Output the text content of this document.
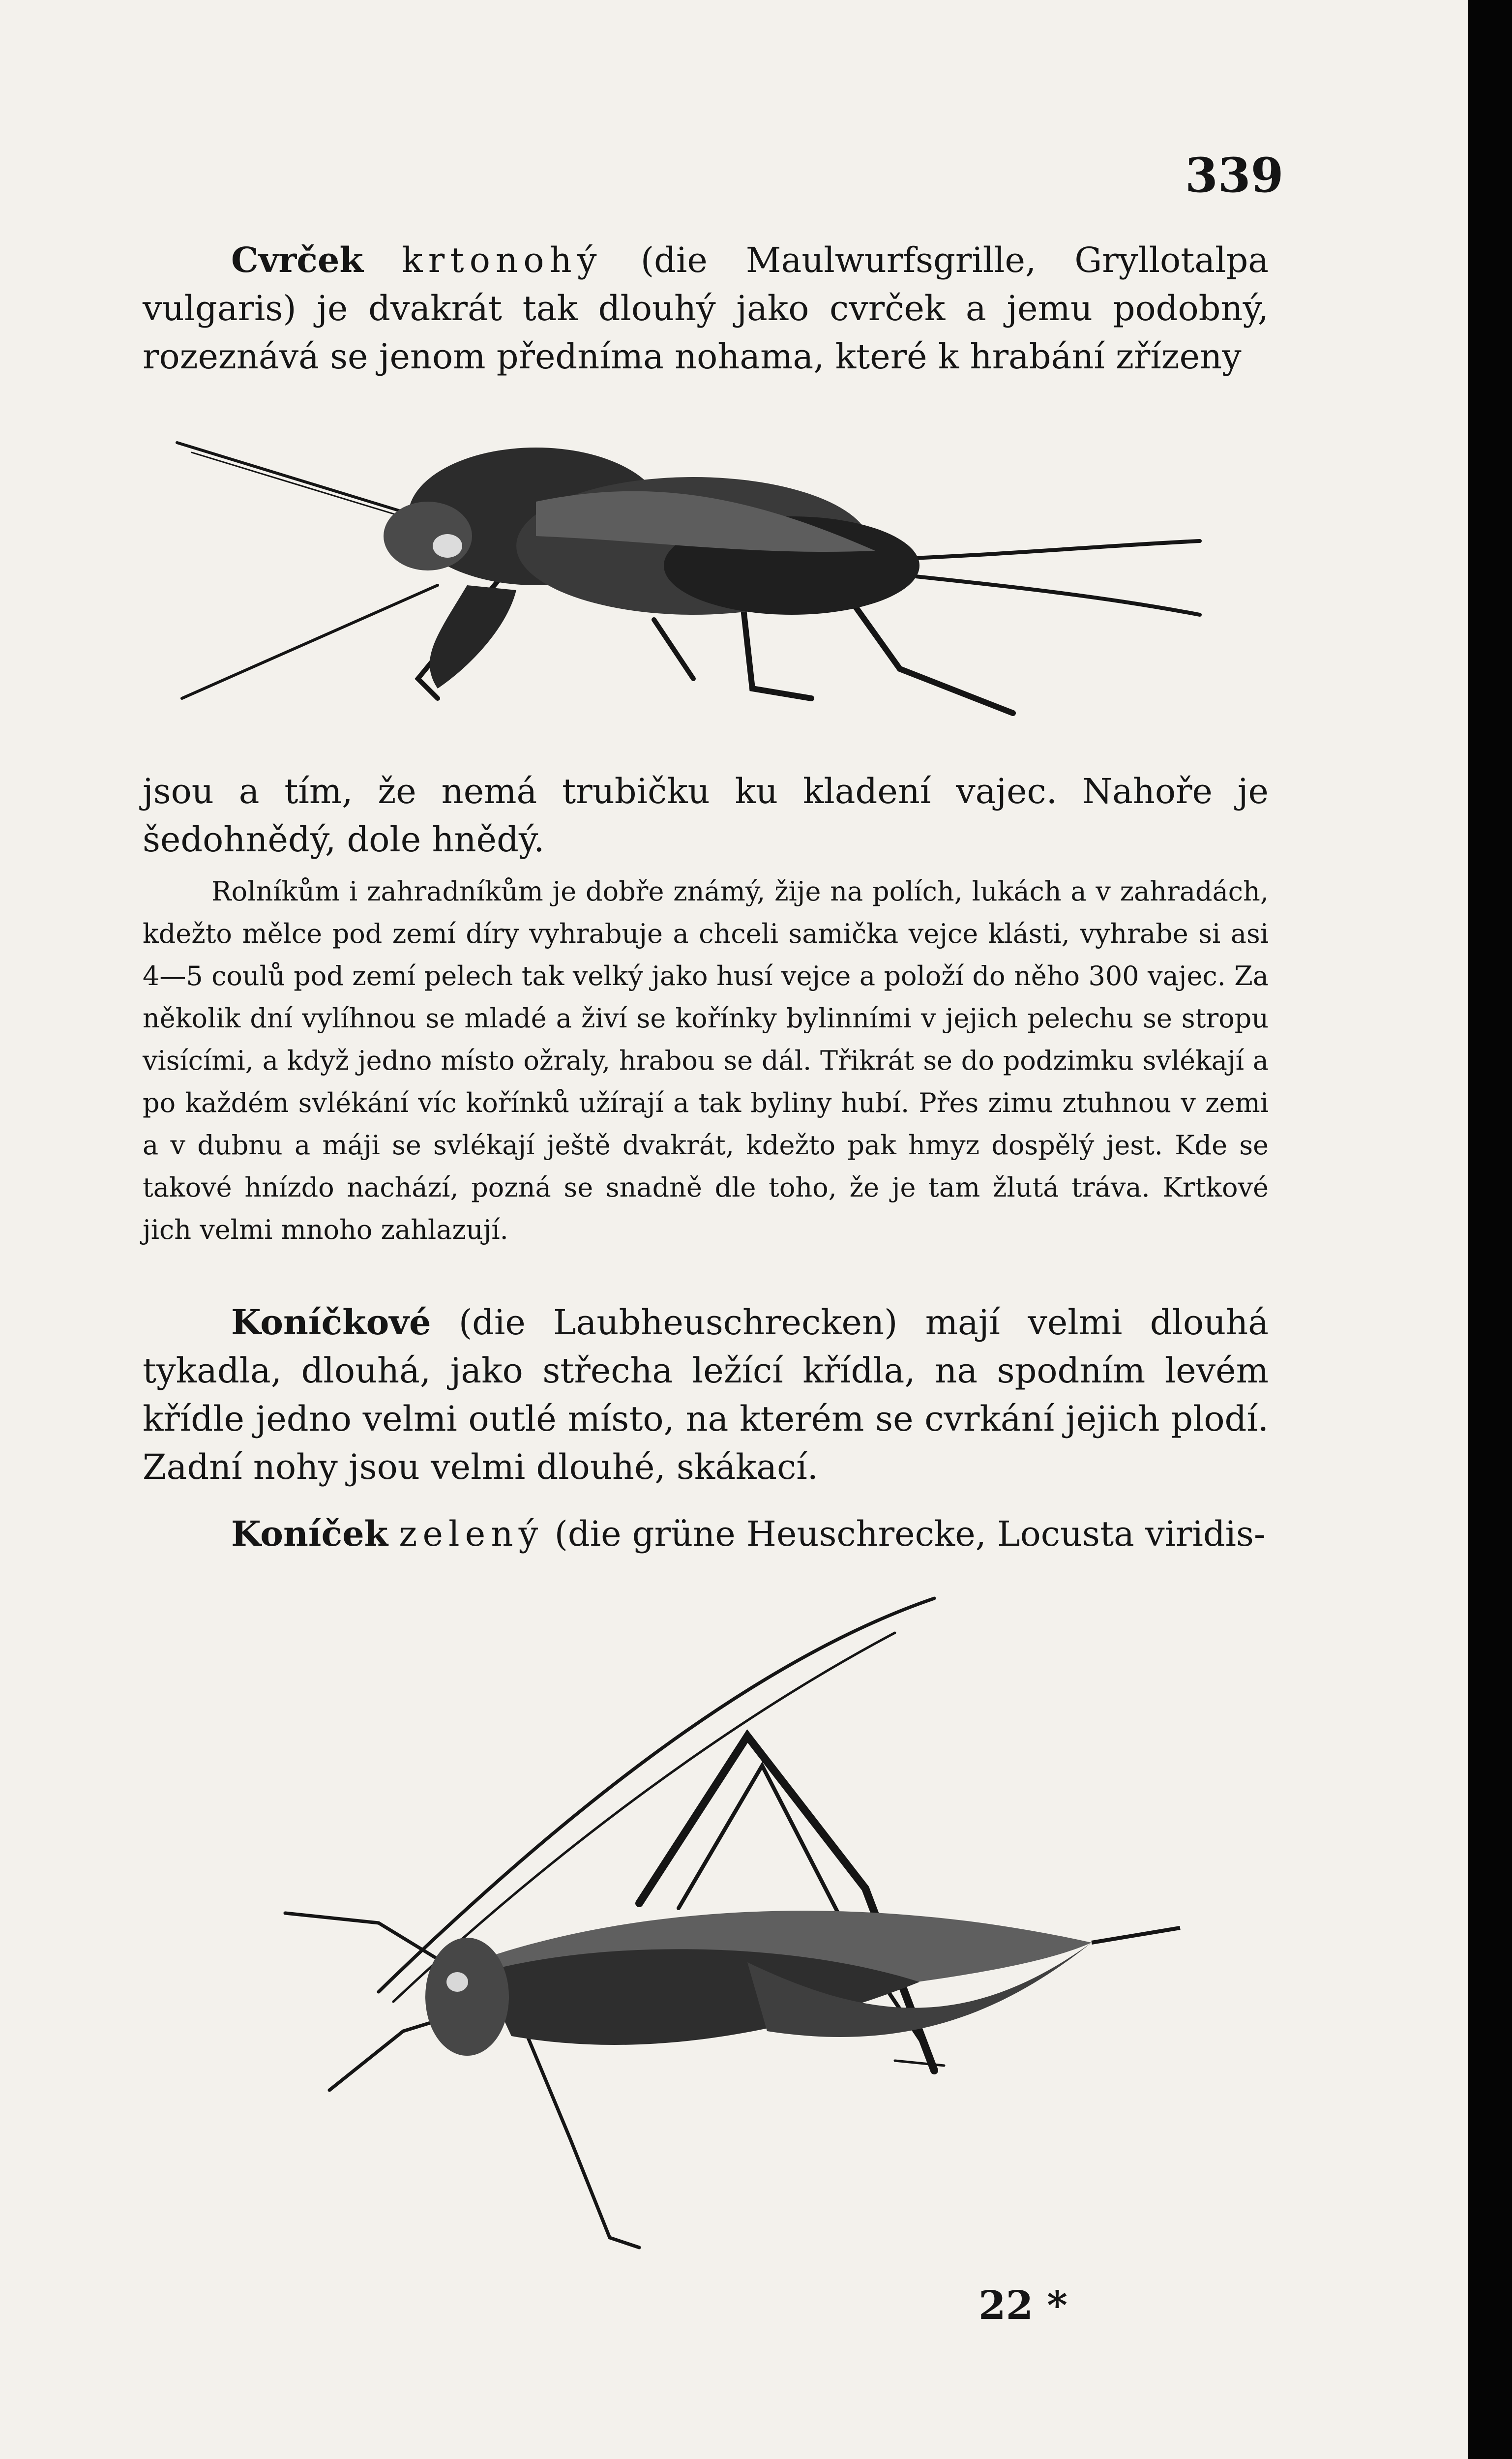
339
Cvrček krtonohý (die Maulwurfsgrille, Gryllotalpa vulgaris) je dvakrát tak dlouhý jako cvrček a jemu podobný, rozeznává se jenom předníma nohama, které k hrabání zřízeny
jsou a tím, že nemá trubičku ku kladení vajec. Nahoře je šedohnědý, dole hnědý.
Rolníkům i zahradníkům je dobře známý, žije na polích, lukách a v zahradách, kdežto mělce pod zemí díry vyhrabuje a chceli samička vejce klásti, vyhrabe si asi 4—5 coulů pod zemí pelech tak velký jako husí vejce a položí do něho 300 vajec. Za několik dní vylíhnou se mladé a živí se kořínky bylinními v jejich pelechu se stropu visícími, a když jedno místo ožraly, hrabou se dál. Třikrát se do podzimku svlékají a po každém svlékání víc kořínků užírají a tak byliny hubí. Přes zimu ztuhnou v zemi a v dubnu a máji se svlékají ještě dvakrát, kdežto pak hmyz dospělý jest. Kde se takové hnízdo nachází, pozná se snadně dle toho, že je tam žlutá tráva. Krtkové jich velmi mnoho zahlazují.
Koníčkové (die Laubheuschrecken) mají velmi dlouhá tykadla, dlouhá, jako střecha ležící křídla, na spodním levém křídle jedno velmi outlé místo, na kterém se cvrkání jejich plodí. Zadní nohy jsou velmi dlouhé, skákací.
Koníček zelený (die grüne Heuschrecke, Locusta viridis-
22 *
